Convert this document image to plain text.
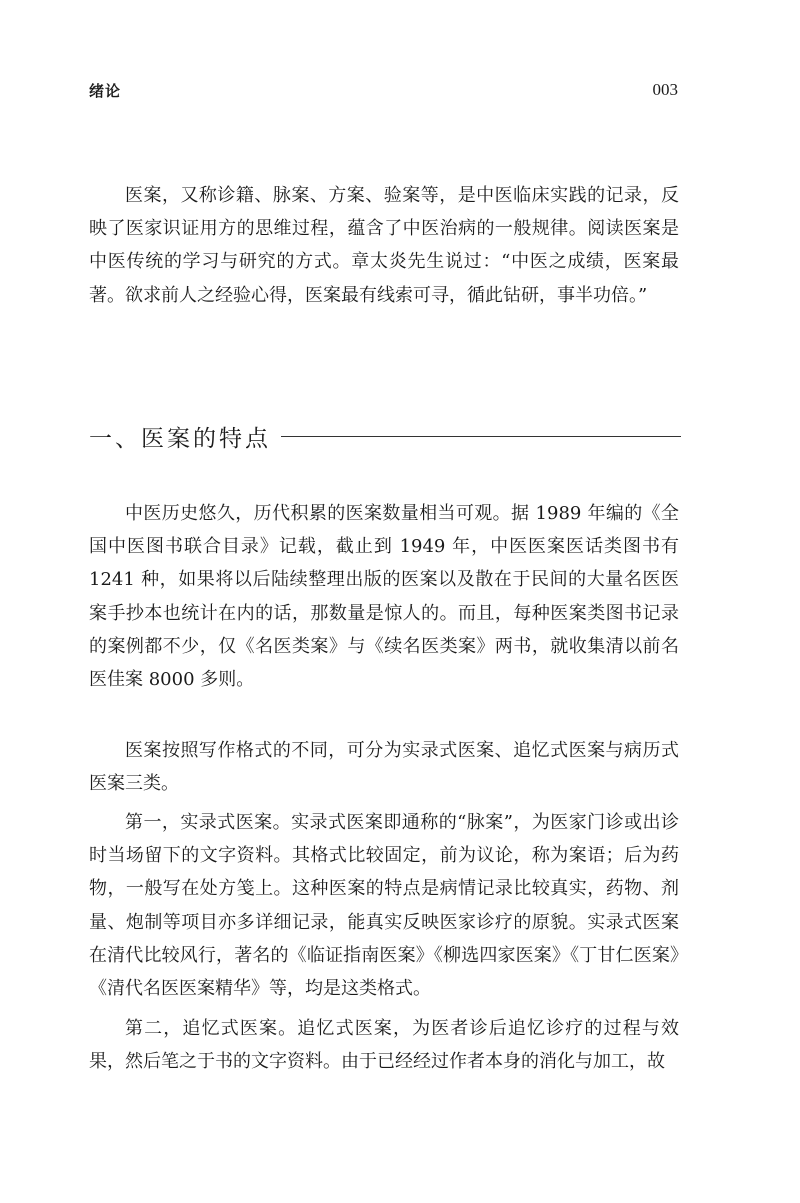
绪论	003

医案，又称诊籍、脉案、方案、验案等，是中医临床实践的记录，反映了医家识证用方的思维过程，蕴含了中医治病的一般规律。阅读医案是中医传统的学习与研究的方式。章太炎先生说过：“中医之成绩，医案最著。欲求前人之经验心得，医案最有线索可寻，循此钻研，事半功倍。”

一、医案的特点

中医历史悠久，历代积累的医案数量相当可观。据 1989 年编的《全国中医图书联合目录》记载，截止到 1949 年，中医医案医话类图书有 1241 种，如果将以后陆续整理出版的医案以及散在于民间的大量名医医案手抄本也统计在内的话，那数量是惊人的。而且，每种医案类图书记录的案例都不少，仅《名医类案》与《续名医类案》两书，就收集清以前名医佳案 8000 多则。

医案按照写作格式的不同，可分为实录式医案、追忆式医案与病历式医案三类。

第一，实录式医案。实录式医案即通称的“脉案”，为医家门诊或出诊时当场留下的文字资料。其格式比较固定，前为议论，称为案语；后为药物，一般写在处方笺上。这种医案的特点是病情记录比较真实，药物、剂量、炮制等项目亦多详细记录，能真实反映医家诊疗的原貌。实录式医案在清代比较风行，著名的《临证指南医案》《柳选四家医案》《丁甘仁医案》《清代名医医案精华》等，均是这类格式。

第二，追忆式医案。追忆式医案，为医者诊后追忆诊疗的过程与效果，然后笔之于书的文字资料。由于已经经过作者本身的消化与加工，故
